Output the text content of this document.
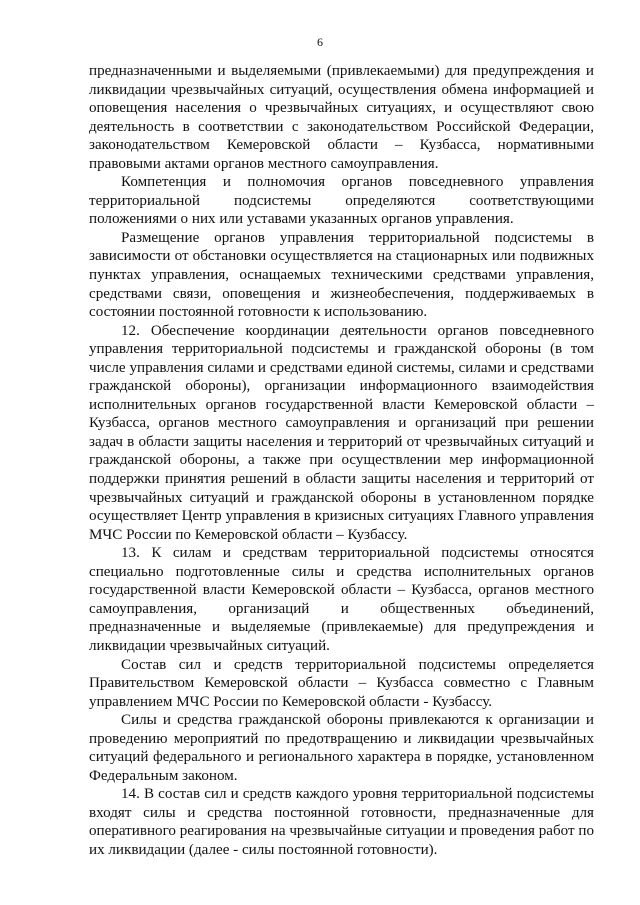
6

предназначенными и выделяемыми (привлекаемыми) для предупреждения и ликвидации чрезвычайных ситуаций, осуществления обмена информацией и оповещения населения о чрезвычайных ситуациях, и осуществляют свою деятельность в соответствии с законодательством Российской Федерации, законодательством Кемеровской области – Кузбасса, нормативными правовыми актами органов местного самоуправления.

Компетенция и полномочия органов повседневного управления территориальной подсистемы определяются соответствующими положениями о них или уставами указанных органов управления.

Размещение органов управления территориальной подсистемы в зависимости от обстановки осуществляется на стационарных или подвижных пунктах управления, оснащаемых техническими средствами управления, средствами связи, оповещения и жизнеобеспечения, поддерживаемых в состоянии постоянной готовности к использованию.

12. Обеспечение координации деятельности органов повседневного управления территориальной подсистемы и гражданской обороны (в том числе управления силами и средствами единой системы, силами и средствами гражданской обороны), организации информационного взаимодействия исполнительных органов государственной власти Кемеровской области – Кузбасса, органов местного самоуправления и организаций при решении задач в области защиты населения и территорий от чрезвычайных ситуаций и гражданской обороны, а также при осуществлении мер информационной поддержки принятия решений в области защиты населения и территорий от чрезвычайных ситуаций и гражданской обороны в установленном порядке осуществляет Центр управления в кризисных ситуациях Главного управления МЧС России по Кемеровской области – Кузбассу.

13. К силам и средствам территориальной подсистемы относятся специально подготовленные силы и средства исполнительных органов государственной власти Кемеровской области – Кузбасса, органов местного самоуправления, организаций и общественных объединений, предназначенные и выделяемые (привлекаемые) для предупреждения и ликвидации чрезвычайных ситуаций.

Состав сил и средств территориальной подсистемы определяется Правительством Кемеровской области – Кузбасса совместно с Главным управлением МЧС России по Кемеровской области - Кузбассу.

Силы и средства гражданской обороны привлекаются к организации и проведению мероприятий по предотвращению и ликвидации чрезвычайных ситуаций федерального и регионального характера в порядке, установленном Федеральным законом.

14. В состав сил и средств каждого уровня территориальной подсистемы входят силы и средства постоянной готовности, предназначенные для оперативного реагирования на чрезвычайные ситуации и проведения работ по их ликвидации (далее - силы постоянной готовности).
